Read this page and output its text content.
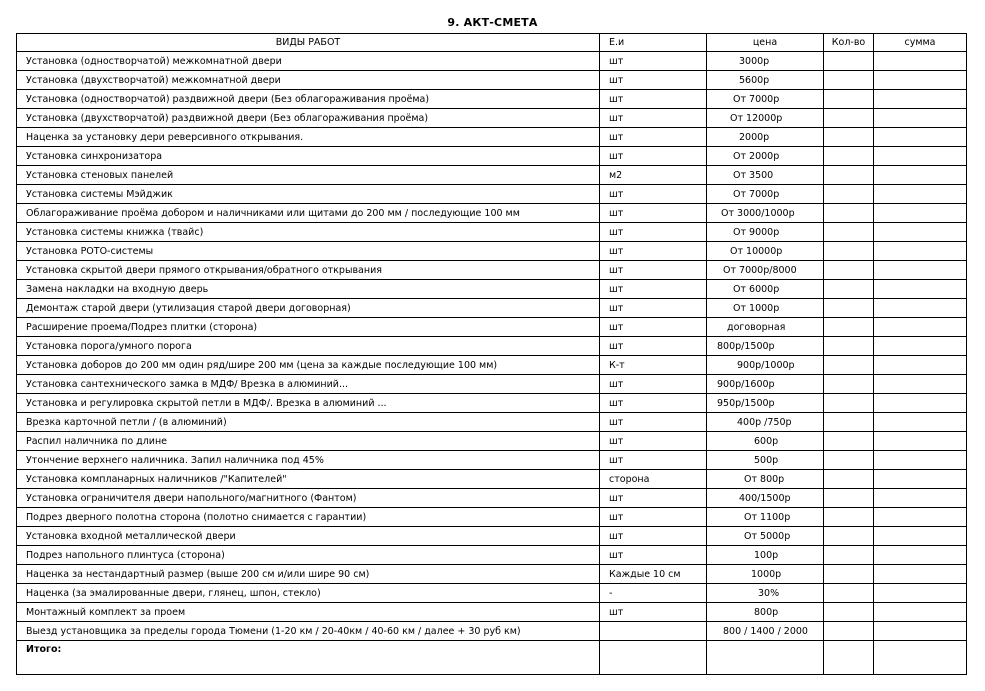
9. АКТ-СМЕТА
ВИДЫ РАБОТ	Е.и	цена	Кол-во	сумма
Установка (одностворчатой) межкомнатной двери	шт	3000р		
Установка (двухстворчатой) межкомнатной двери	шт	5600р		
Установка (одностворчатой) раздвижной двери (Без облагораживания проёма)	шт	От 7000р		
Установка (двухстворчатой) раздвижной двери (Без облагораживания проёма)	шт	От 12000р		
Наценка за установку дери реверсивного открывания.	шт	2000р		
Установка синхронизатора	шт	От 2000р		
Установка стеновых панелей	м2	От 3500		
Установка системы Мэйджик	шт	От 7000р		
Облагораживание проёма добором и наличниками или щитами до 200 мм / последующие 100 мм	шт	От 3000/1000р		
Установка системы книжка (твайс)	шт	От 9000р		
Установка РОТО-системы	шт	От 10000р		
Установка скрытой двери прямого открывания/обратного открывания	шт	От 7000р/8000		
Замена накладки на входную дверь	шт	От 6000р		
Демонтаж старой двери (утилизация старой двери договорная)	шт	От 1000р		
Расширение проема/Подрез плитки (сторона)	шт	договорная		
Установка порога/умного порога	шт	800р/1500р		
Установка доборов до 200 мм один ряд/шире 200 мм (цена за каждые последующие 100 мм)	К-т	900р/1000р		
Установка сантехнического замка в МДФ/ Врезка в алюминий...	шт	900р/1600р		
Установка и регулировка скрытой петли в МДФ/. Врезка в алюминий ...	шт	950р/1500р		
Врезка карточной петли / (в алюминий)	шт	400р /750р		
Распил наличника по длине	шт	600р		
Утончение верхнего наличника. Запил наличника под 45%	шт	500р		
Установка компланарных наличников /"Капителей"	сторона	От 800р		
Установка ограничителя двери напольного/магнитного (Фантом)	шт	400/1500р		
Подрез дверного полотна сторона (полотно снимается с гарантии)	шт	От 1100р		
Установка входной металлической двери	шт	От 5000р		
Подрез напольного плинтуса (сторона)	шт	100р		
Наценка за нестандартный размер (выше 200 см и/или шире 90 см)	Каждые 10 см	1000р		
Наценка (за эмалированные двери, глянец, шпон, стекло)	-	30%		
Монтажный комплект за проем	шт	800р		
Выезд установщика за пределы города Тюмени (1-20 км / 20-40км / 40-60 км / далее + 30 руб км)		800 / 1400 / 2000		
Итого:				
